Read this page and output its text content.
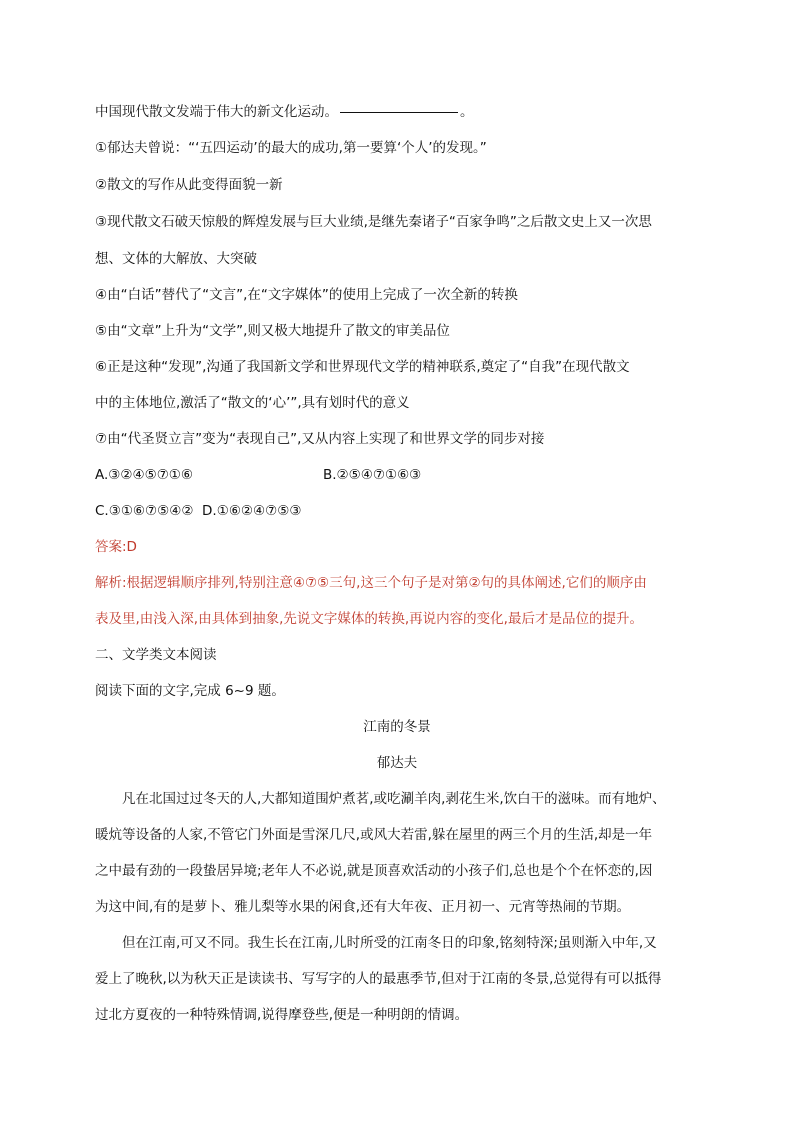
中国现代散文发端于伟大的新文化运动。	。
①郁达夫曾说：“‘五四运动’的最大的成功,第一要算‘个人’的发现。”
②散文的写作从此变得面貌一新
③现代散文石破天惊般的辉煌发展与巨大业绩,是继先秦诸子“百家争鸣”之后散文史上又一次思
想、文体的大解放、大突破
④由“白话”替代了“文言”,在“文字媒体”的使用上完成了一次全新的转换
⑤由“文章”上升为“文学”,则又极大地提升了散文的审美品位
⑥正是这种“发现”,沟通了我国新文学和世界现代文学的精神联系,奠定了“自我”在现代散文
中的主体地位,激活了“散文的‘心’”,具有划时代的意义
⑦由“代圣贤立言”变为“表现自己”,又从内容上实现了和世界文学的同步对接
A.③②④⑤⑦①⑥	B.②⑤④⑦①⑥③
C.③①⑥⑦⑤④② D.①⑥②④⑦⑤③
答案:D
解析:根据逻辑顺序排列,特别注意④⑦⑤三句,这三个句子是对第②句的具体阐述,它们的顺序由
表及里,由浅入深,由具体到抽象,先说文字媒体的转换,再说内容的变化,最后才是品位的提升。
二、文学类文本阅读
阅读下面的文字,完成 6~9 题。
江南的冬景
郁达夫
凡在北国过过冬天的人,大都知道围炉煮茗,或吃涮羊肉,剥花生米,饮白干的滋味。而有地炉、
暖炕等设备的人家,不管它门外面是雪深几尺,或风大若雷,躲在屋里的两三个月的生活,却是一年
之中最有劲的一段蛰居异境;老年人不必说,就是顶喜欢活动的小孩子们,总也是个个在怀恋的,因
为这中间,有的是萝卜、雅儿梨等水果的闲食,还有大年夜、正月初一、元宵等热闹的节期。
但在江南,可又不同。我生长在江南,儿时所受的江南冬日的印象,铭刻特深;虽则渐入中年,又
爱上了晚秋,以为秋天正是读读书、写写字的人的最惠季节,但对于江南的冬景,总觉得有可以抵得
过北方夏夜的一种特殊情调,说得摩登些,便是一种明朗的情调。
